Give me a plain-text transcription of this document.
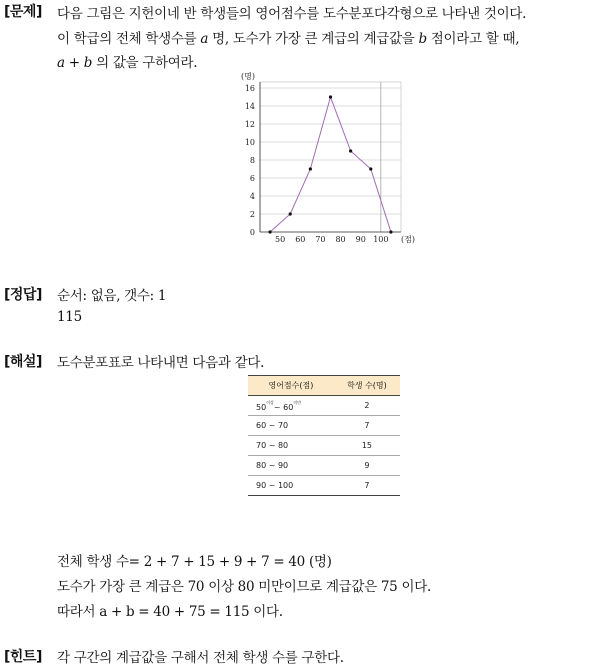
[문제] 다음 그림은 지헌이네 반 학생들의 영어점수를 도수분포다각형으로 나타낸 것이다.
이 학급의 전체 학생수를 a 명, 도수가 가장 큰 계급의 계급값을 b 점이라고 할 때,
a + b 의 값을 구하여라.
0
2
4
6
8
10
12
14
16
50 60 70 80 90 100
(명)
(점)
[정답] 순서: 없음, 갯수: 1
115
[해설] 도수분포표로 나타내면 다음과 같다.
영어점수(점)	학생 수(명)
$50^{이상}\sim$ $60^{미만}$	2
60 ~ 70	7
70 ~ 80	15
80 ~ 90	9
90 ~ 100	7
전체 학생 수= 2 + 7 + 15 + 9 + 7 = 40 (명)
도수가 가장 큰 계급은 70 이상 80 미만이므로 계급값은 75 이다.
따라서 a + b = 40 + 75 = 115 이다.
[힌트] 각 구간의 계급값을 구해서 전체 학생 수를 구한다.
